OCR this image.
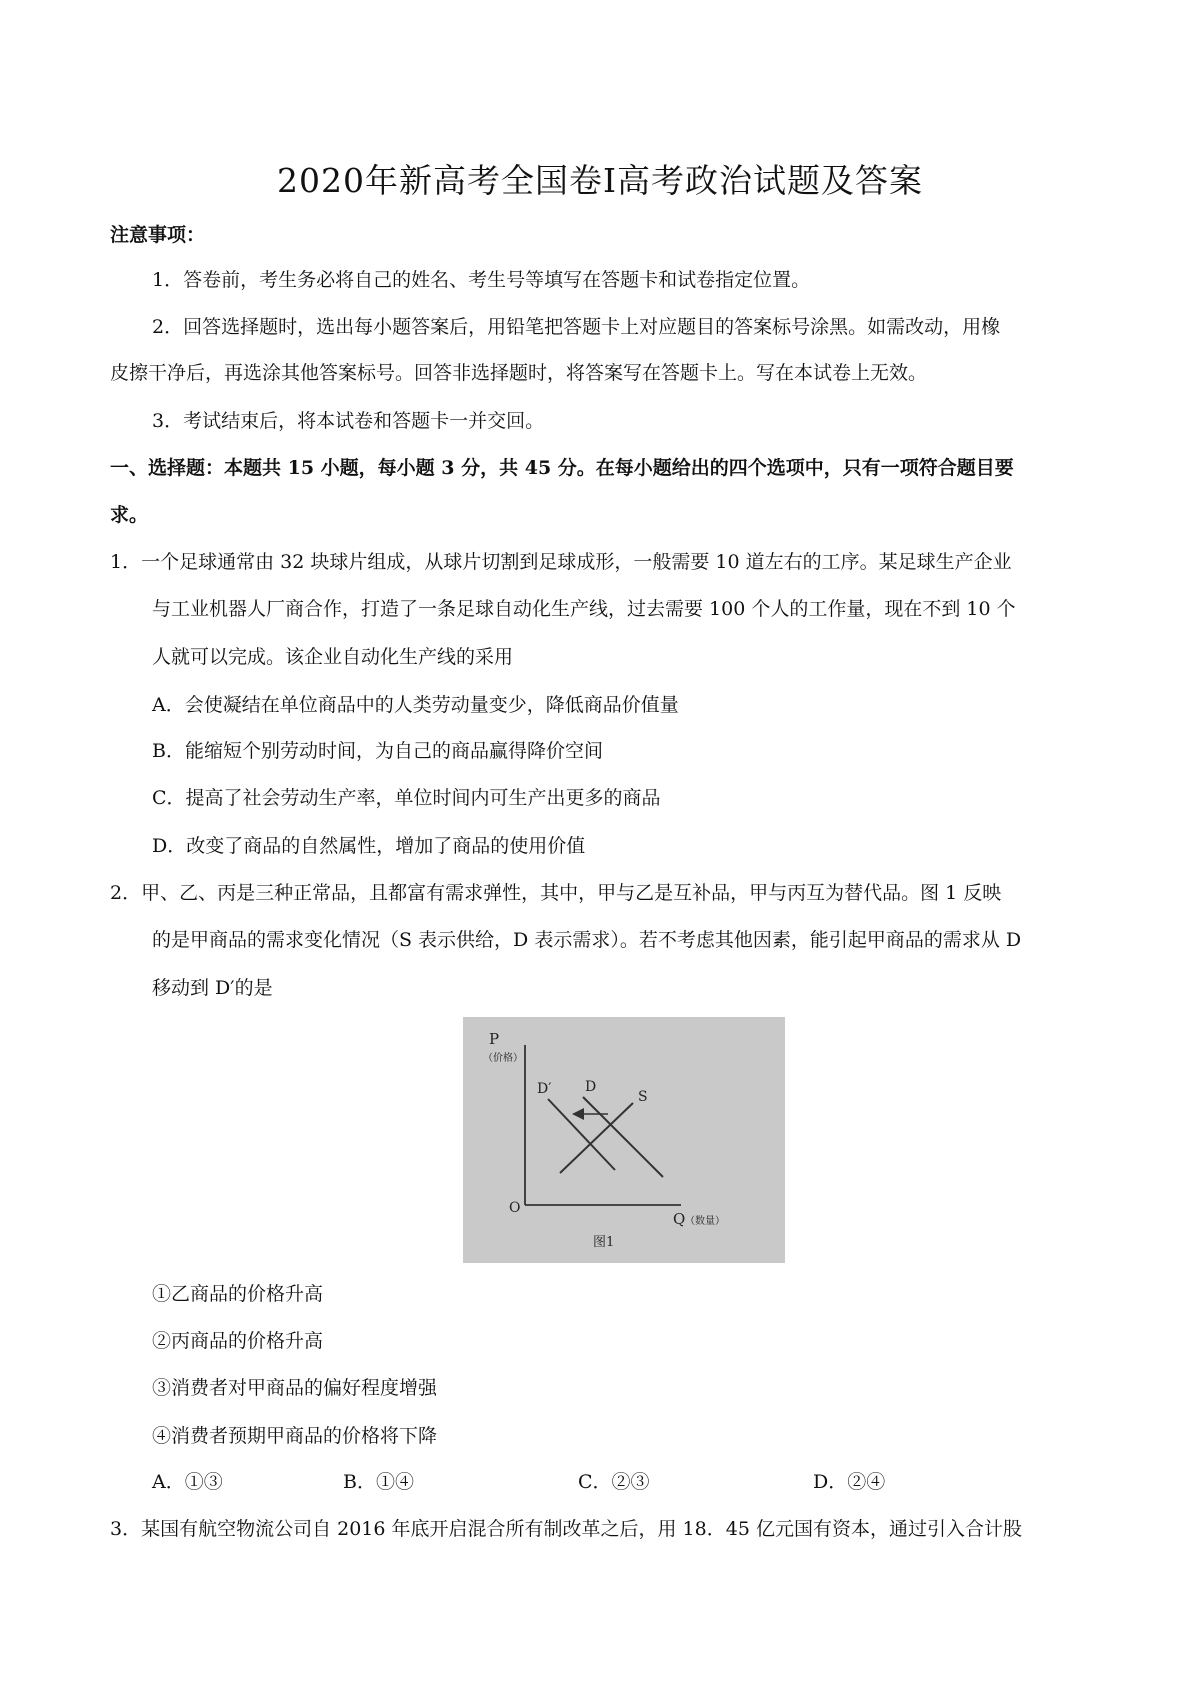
2020年新高考全国卷Ⅰ高考政治试题及答案
注意事项：
1．答卷前，考生务必将自己的姓名、考生号等填写在答题卡和试卷指定位置。
2．回答选择题时，选出每小题答案后，用铅笔把答题卡上对应题目的答案标号涂黑。如需改动，用橡
皮擦干净后，再选涂其他答案标号。回答非选择题时，将答案写在答题卡上。写在本试卷上无效。
3．考试结束后，将本试卷和答题卡一并交回。
一、选择题：本题共 15 小题，每小题 3 分，共 45 分。在每小题给出的四个选项中，只有一项符合题目要
求。
1．一个足球通常由 32 块球片组成，从球片切割到足球成形，一般需要 10 道左右的工序。某足球生产企业
与工业机器人厂商合作，打造了一条足球自动化生产线，过去需要 100 个人的工作量，现在不到 10 个
人就可以完成。该企业自动化生产线的采用
A．会使凝结在单位商品中的人类劳动量变少，降低商品价值量
B．能缩短个别劳动时间，为自己的商品赢得降价空间
C．提高了社会劳动生产率，单位时间内可生产出更多的商品
D．改变了商品的自然属性，增加了商品的使用价值
2．甲、乙、丙是三种正常品，且都富有需求弹性，其中，甲与乙是互补品，甲与丙互为替代品。图 1 反映
的是甲商品的需求变化情况（S 表示供给，D 表示需求）。若不考虑其他因素，能引起甲商品的需求从 D
移动到 D′的是
P
（价格）
D′ D
S
O
Q （数量）
图1
①乙商品的价格升高
②丙商品的价格升高
③消费者对甲商品的偏好程度增强
④消费者预期甲商品的价格将下降
A．①③	B．①④	C．②③	D．②④
3．某国有航空物流公司自 2016 年底开启混合所有制改革之后，用 18．45 亿元国有资本，通过引入合计股
